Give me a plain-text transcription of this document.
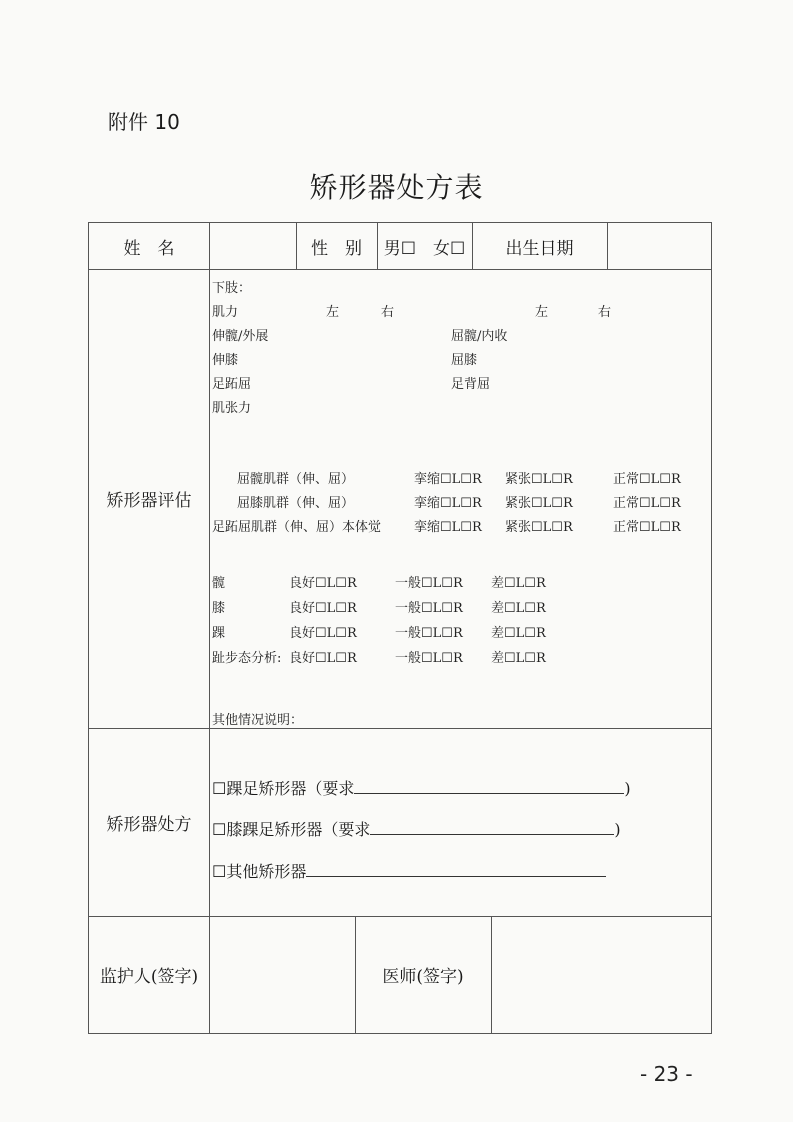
附件 10
矫形器处方表
姓　名	性　别	男☐　女☐	出生日期
矫形器评估
下肢：
肌力	左	右	左	右
伸髋/外展	屈髋/内收
伸膝	屈膝
足跖屈	足背屈
肌张力
屈髋肌群（伸、屈）	挛缩☐L☐R 紧张☐L☐R	正常☐L☐R
屈膝肌群（伸、屈）	挛缩☐L☐R 紧张☐L☐R	正常☐L☐R
足跖屈肌群（伸、屈）本体觉	挛缩☐L☐R 紧张☐L☐R	正常☐L☐R
髋	良好☐L☐R	一般☐L☐R 差☐L☐R
膝	良好☐L☐R	一般☐L☐R 差☐L☐R
踝	良好☐L☐R	一般☐L☐R 差☐L☐R
趾步态分析: 良好☐L☐R	一般☐L☐R 差☐L☐R
其他情况说明：
矫形器处方
☐踝足矫形器（要求	)
☐膝踝足矫形器（要求	)
☐其他矫形器
监护人(签字)	医师(签字)
- 23 -
